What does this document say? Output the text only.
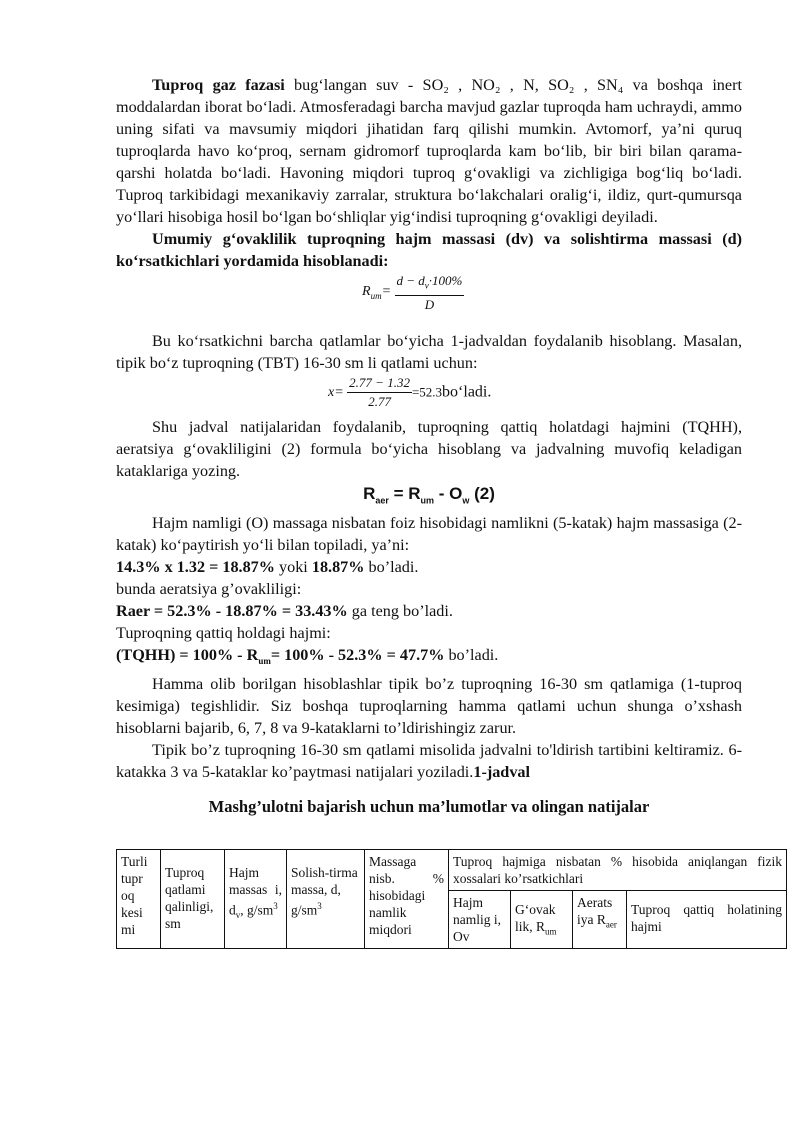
Tuproq gaz fazasi bug‘langan suv - SO₂ , NO₂ , N, SO₂ , SN₄ va boshqa inert moddalardan iborat bo‘ladi. Atmosferadagi barcha mavjud gazlar tuproqda ham uchraydi, ammo uning sifati va mavsumiy miqdori jihatidan farq qilishi mumkin. Avtomorf, ya’ni quruq tuproqlarda havo ko‘proq, sernam gidromorf tuproqlarda kam bo‘lib, bir biri bilan qarama-qarshi holatda bo‘ladi. Havoning miqdori tuproq g‘ovakligi va zichligiga bog‘liq bo‘ladi. Tuproq tarkibidagi mexanikaviy zarralar, struktura bo‘lakchalari oralig‘i, ildiz, qurt-qumursqa yo‘llari hisobiga hosil bo‘lgan bo‘shliqlar yig‘indisi tuproqning g‘ovakligi deyiladi.

Umumiy g‘ovaklilik tuproqning hajm massasi (dv) va solishtirma massasi (d) ko‘rsatkichlari yordamida hisoblanadi:

$R_{um}= \frac{d - d_v\cdot 100\%}{D}$

Bu ko‘rsatkichni barcha qatlamlar bo‘yicha 1-jadvaldan foydalanib hisoblang. Masalan, tipik bo‘z tuproqning (TBT) 16-30 sm li qatlami uchun:

$x= \frac{2.77 - 1.32}{2.77}$ =52.3bo‘ladi.

Shu jadval natijalaridan foydalanib, tuproqning qattiq holatdagi hajmini (TQHH), aeratsiya g‘ovakliligini (2) formula bo‘yicha hisoblang va jadvalning muvofiq keladigan kataklariga yozing.

$R_{aer} = R_{um} - O_w$ (2)

Hajm namligi (O) massaga nisbatan foiz hisobidagi namlikni (5-katak) hajm massasiga (2-katak) ko‘paytirish yo‘li bilan topiladi, ya’ni:

14.3% x 1.32 = 18.87% yoki 18.87% bo’ladi.

bunda aeratsiya g’ovakliligi:

Raer = 52.3% - 18.87% = 33.43% ga teng bo’ladi.

Tuproqning qattiq holdagi hajmi:

(TQHH) = $100\% - R_{um}= 100\% - 52.3\% = 47.7\%$ bo’ladi.

Hamma olib borilgan hisoblashlar tipik bo’z tuproqning 16-30 sm qatlamiga (1-tuproq kesimiga) tegishlidir. Siz boshqa tuproqlarning hamma qatlami uchun shunga o’xshash hisoblarni bajarib, 6, 7, 8 va 9-kataklarni to’ldirishingiz zarur.

Tipik bo’z tuproqning 16-30 sm qatlami misolida jadvalni to'ldirish tartibini keltiramiz. 6-katakka 3 va 5-kataklar ko’paytmasi natijalari yoziladi.1-jadval

Mashg’ulotni bajarish uchun ma’lumotlar va olingan natijalar
Turli tupr oq kesi mi	Tuproq qatlami qalinligi, sm	Hajm massas i, $d_v$, $g/sm^3$	Solish-tirma massa, d, $g/sm^3$	Massaga nisb. % hisobidagi namlik miqdori	Tuproq hajmiga nisbatan % hisobida aniqlangan fizik xossalari ko’rsatkichlari			
					Hajm namlig i, Ov	G‘ovak lik, $R_{um}$	Aerats iya $R_{aer}$	Tuproq qattiq holatining hajmi
